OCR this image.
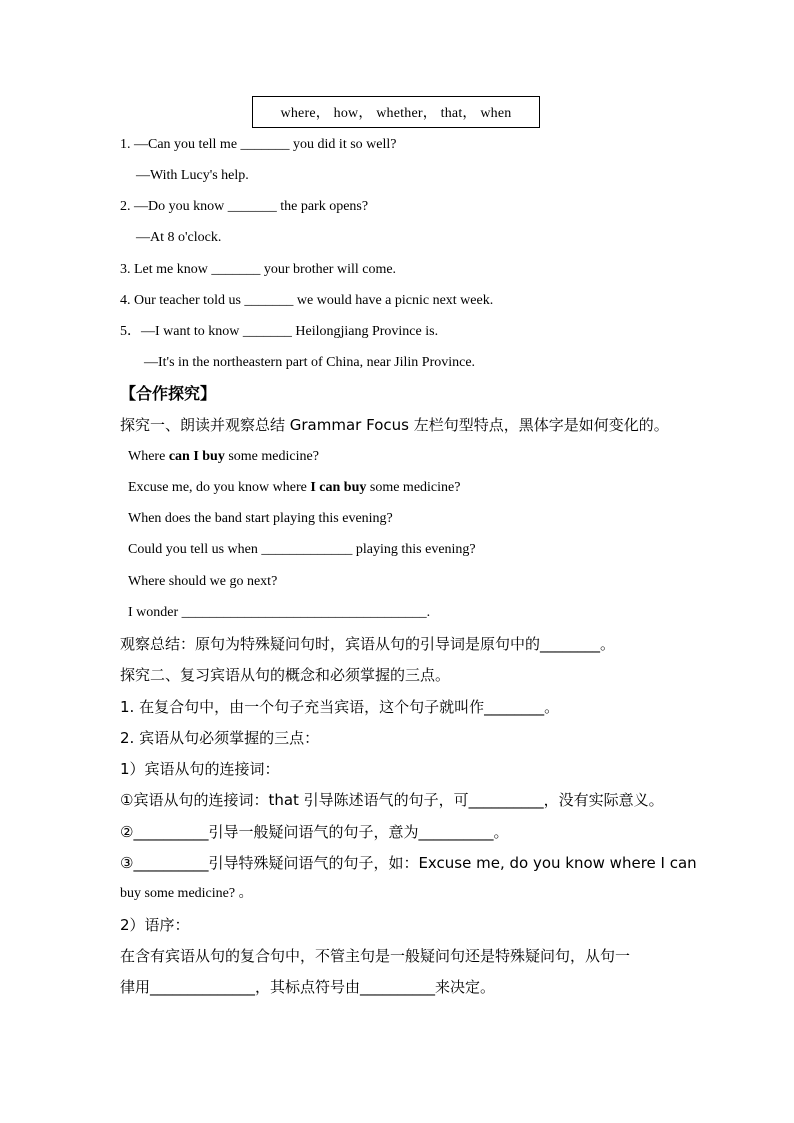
where， how， whether， that， when
1. —Can you tell me _______ you did it so well?
—With Lucy's help.
2. —Do you know _______ the park opens?
—At 8 o'clock.
3. Let me know _______ your brother will come.
4. Our teacher told us _______ we would have a picnic next week.
5．—I want to know _______ Heilongjiang Province is.
—It's in the northeastern part of China, near Jilin Province.
【合作探究】
探究一、朗读并观察总结 Grammar Focus 左栏句型特点，黑体字是如何变化的。
Where can I buy some medicine?
Excuse me, do you know where I can buy some medicine?
When does the band start playing this evening?
Could you tell us when _____________ playing this evening?
Where should we go next?
I wonder ___________________________________.
观察总结：原句为特殊疑问句时，宾语从句的引导词是原句中的________。
探究二、复习宾语从句的概念和必须掌握的三点。
1. 在复合句中，由一个句子充当宾语，这个句子就叫作________。
2. 宾语从句必须掌握的三点：
1）宾语从句的连接词：
①宾语从句的连接词：that 引导陈述语气的句子，可__________，没有实际意义。
②__________引导一般疑问语气的句子，意为__________。
③__________引导特殊疑问语气的句子，如：Excuse me, do you know where I can
buy some medicine? 。
2）语序：
在含有宾语从句的复合句中，不管主句是一般疑问句还是特殊疑问句，从句一
律用______________，其标点符号由__________来决定。
